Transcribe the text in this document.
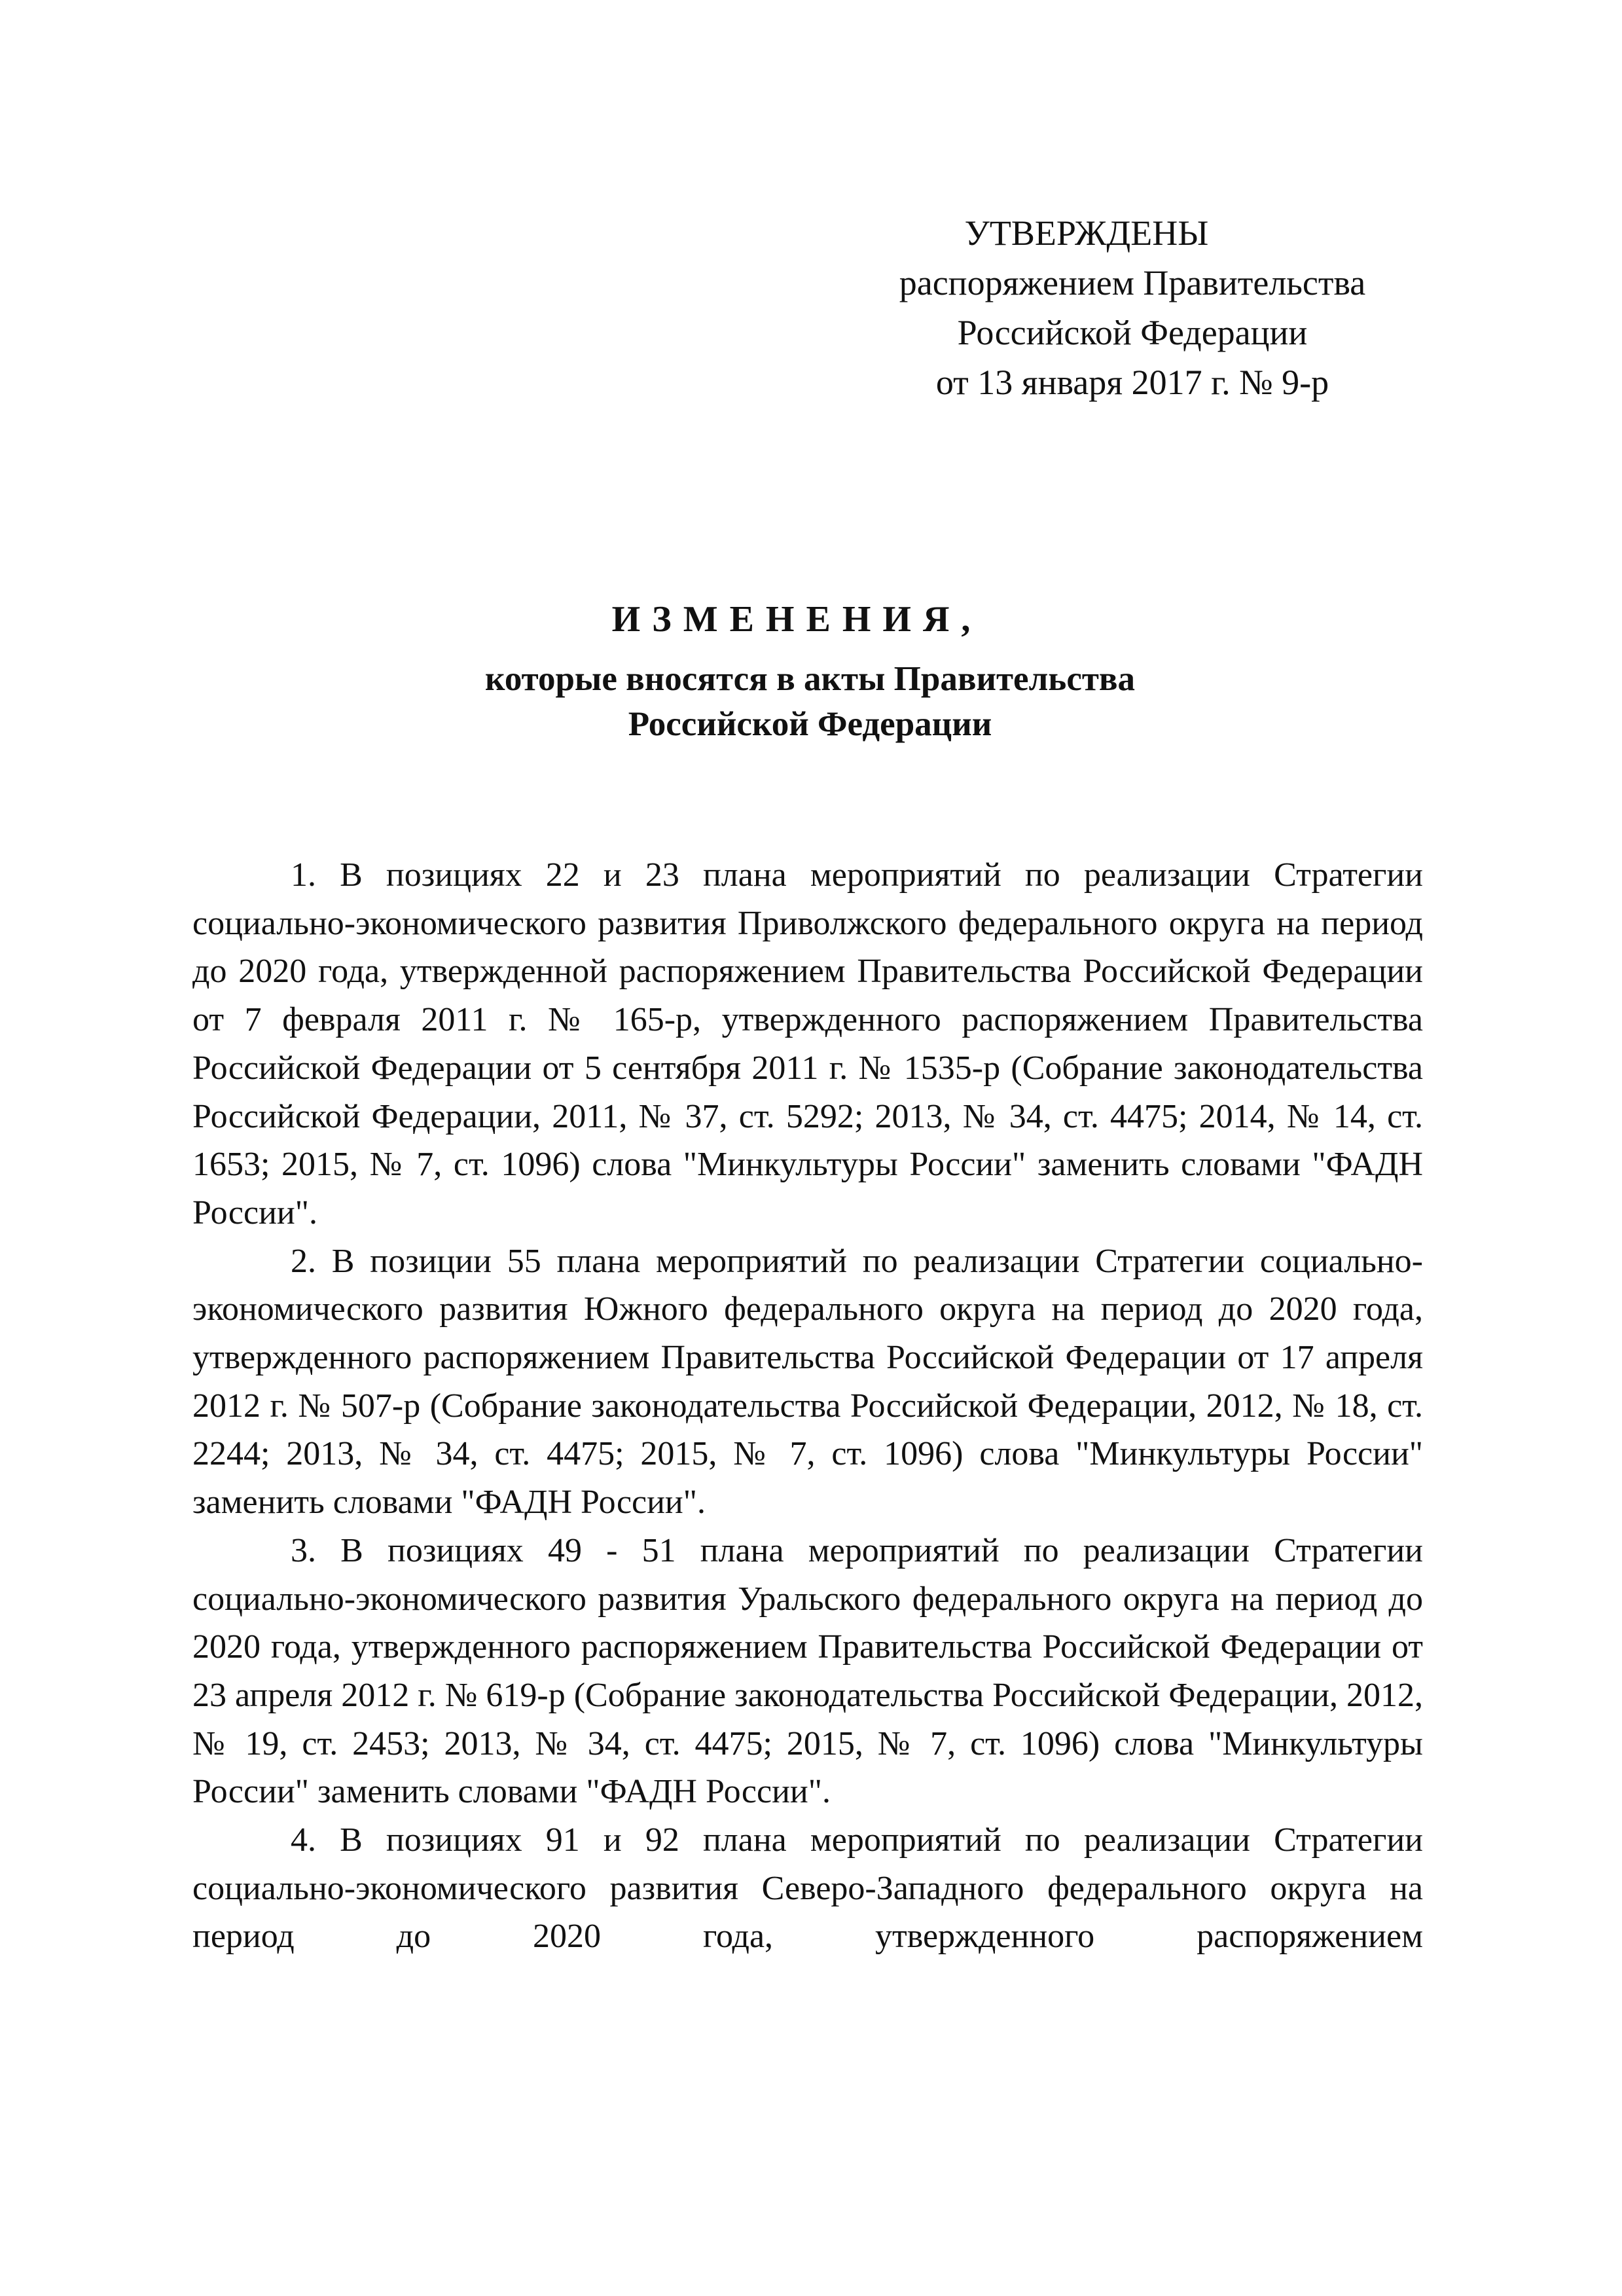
УТВЕРЖДЕНЫ
распоряжением Правительства
Российской Федерации
от 13 января 2017 г. № 9-р
ИЗМЕНЕНИЯ,
которые вносятся в акты Правительства
Российской Федерации

1. В позициях 22 и 23 плана мероприятий по реализации Стратегии социально-экономического развития Приволжского федерального округа на период до 2020 года, утвержденной распоряжением Правительства Российской Федерации от 7 февраля 2011 г. № 165-р, утвержденного распоряжением Правительства Российской Федерации от 5 сентября 2011 г. № 1535-р (Собрание законодательства Российской Федерации, 2011, № 37, ст. 5292; 2013, № 34, ст. 4475; 2014, № 14, ст. 1653; 2015, № 7, ст. 1096) слова "Минкультуры России" заменить словами "ФАДН России".

2. В позиции 55 плана мероприятий по реализации Стратегии социально-экономического развития Южного федерального округа на период до 2020 года, утвержденного распоряжением Правительства Российской Федерации от 17 апреля 2012 г. № 507-р (Собрание законодательства Российской Федерации, 2012, № 18, ст. 2244; 2013, № 34, ст. 4475; 2015, № 7, ст. 1096) слова "Минкультуры России" заменить словами "ФАДН России".

3. В позициях 49 - 51 плана мероприятий по реализации Стратегии социально-экономического развития Уральского федерального округа на период до 2020 года, утвержденного распоряжением Правительства Российской Федерации от 23 апреля 2012 г. № 619-р (Собрание законодательства Российской Федерации, 2012, № 19, ст. 2453; 2013, № 34, ст. 4475; 2015, № 7, ст. 1096) слова "Минкультуры России" заменить словами "ФАДН России".

4. В позициях 91 и 92 плана мероприятий по реализации Стратегии социально-экономического развития Северо-Западного федерального округа на период до 2020 года, утвержденного распоряжением
